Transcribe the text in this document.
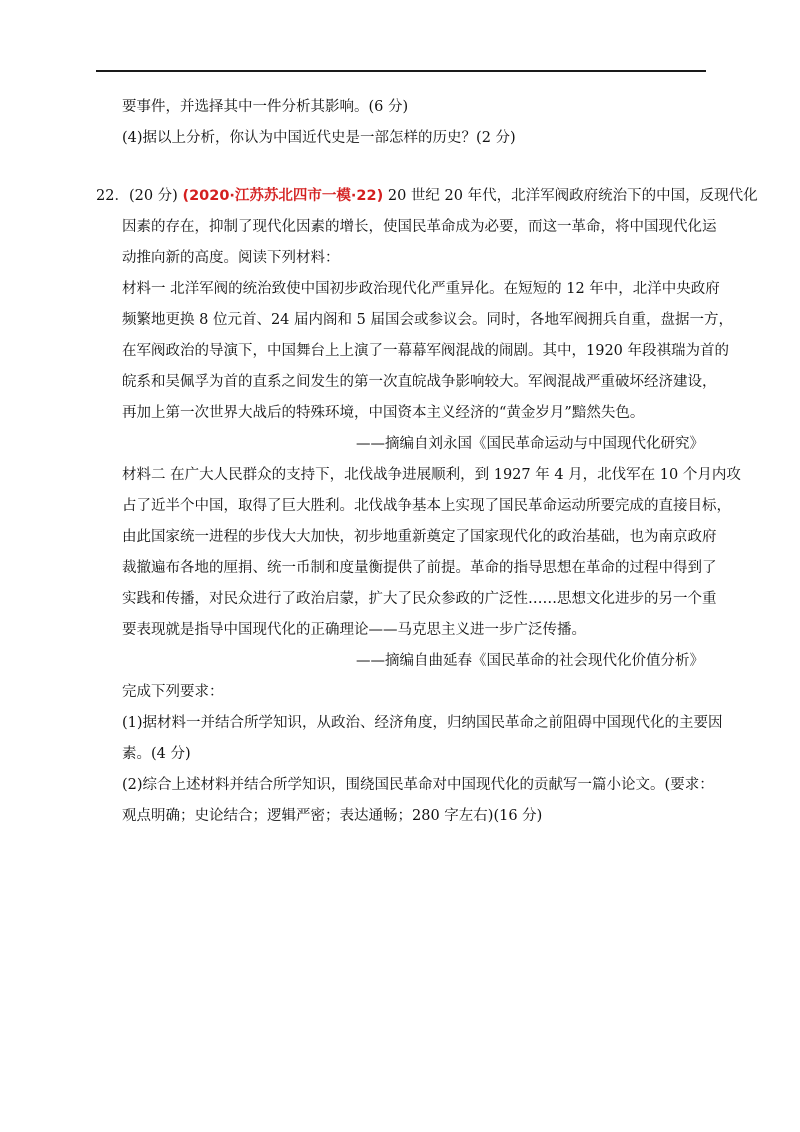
要事件，并选择其中一件分析其影响。(6 分)
(4)据以上分析，你认为中国近代史是一部怎样的历史？(2 分)
22．(20 分) (2020·江苏苏北四市一模·22) 20 世纪 20 年代，北洋军阀政府统治下的中国，反现代化
因素的存在，抑制了现代化因素的增长，使国民革命成为必要，而这一革命，将中国现代化运
动推向新的高度。阅读下列材料：
材料一 北洋军阀的统治致使中国初步政治现代化严重异化。在短短的 12 年中，北洋中央政府
频繁地更换 8 位元首、24 届内阁和 5 届国会或参议会。同时，各地军阀拥兵自重，盘据一方，
在军阀政治的导演下，中国舞台上上演了一幕幕军阀混战的闹剧。其中，1920 年段祺瑞为首的
皖系和吴佩孚为首的直系之间发生的第一次直皖战争影响较大。军阀混战严重破坏经济建设，
再加上第一次世界大战后的特殊环境，中国资本主义经济的“黄金岁月”黯然失色。
——摘编自刘永国《国民革命运动与中国现代化研究》
材料二 在广大人民群众的支持下，北伐战争进展顺利，到 1927 年 4 月，北伐军在 10 个月内攻
占了近半个中国，取得了巨大胜利。北伐战争基本上实现了国民革命运动所要完成的直接目标，
由此国家统一进程的步伐大大加快，初步地重新奠定了国家现代化的政治基础，也为南京政府
裁撤遍布各地的厘捐、统一币制和度量衡提供了前提。革命的指导思想在革命的过程中得到了
实践和传播，对民众进行了政治启蒙，扩大了民众参政的广泛性……思想文化进步的另一个重
要表现就是指导中国现代化的正确理论——马克思主义进一步广泛传播。
——摘编自曲延春《国民革命的社会现代化价值分析》
完成下列要求：
(1)据材料一并结合所学知识，从政治、经济角度，归纳国民革命之前阻碍中国现代化的主要因
素。(4 分)
(2)综合上述材料并结合所学知识，围绕国民革命对中国现代化的贡献写一篇小论文。(要求：
观点明确；史论结合；逻辑严密；表达通畅；280 字左右)(16 分)
